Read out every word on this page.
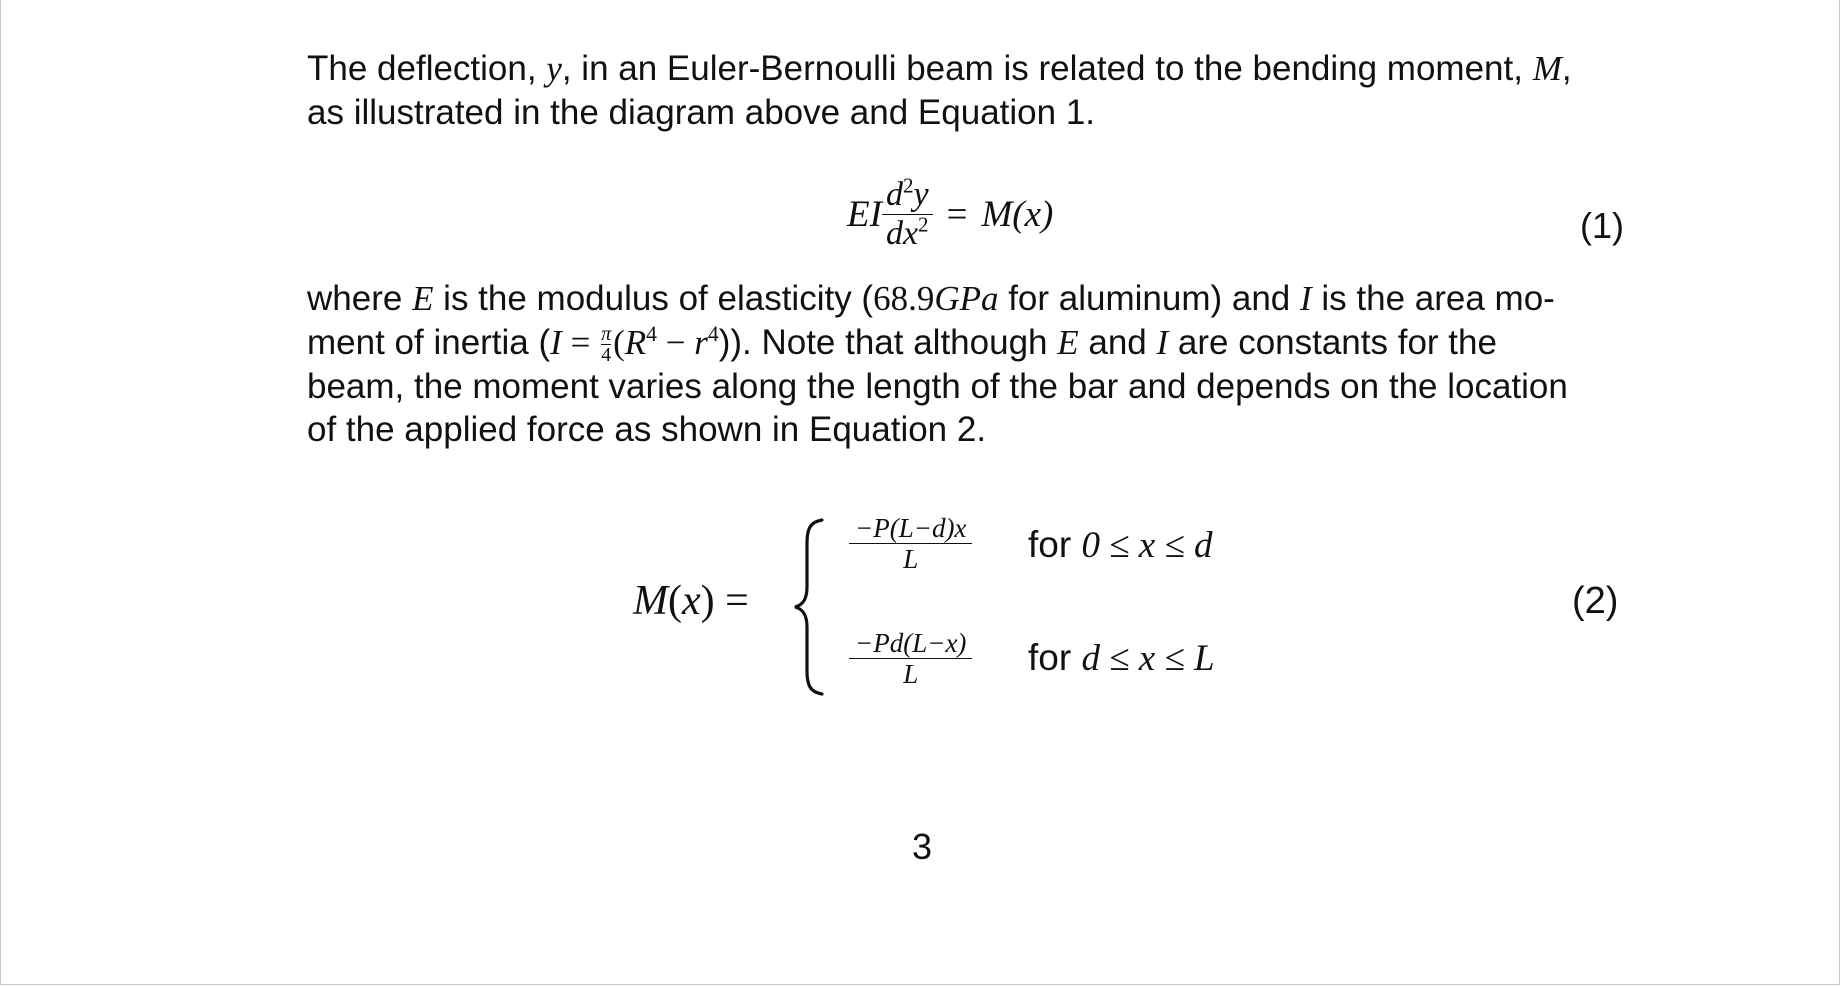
The deflection, y, in an Euler-Bernoulli beam is related to the bending moment, M,
as illustrated in the diagram above and Equation 1.

EI $\frac{d^2y}{dx^2} = M(x)$	(1)

where E is the modulus of elasticity (68.9GPa for aluminum) and I is the area mo-
ment of inertia $(I = \frac{\pi}{4} (R^4 - r^4))$. Note that although E and I are constants for the
beam, the moment varies along the length of the bar and depends on the location
of the applied force as shown in Equation 2.

M(x) =
−P(L−d)x
L	for 0 ≤ x ≤ d
−Pd(L−x)
L	for d ≤ x ≤ L
(2)
3
